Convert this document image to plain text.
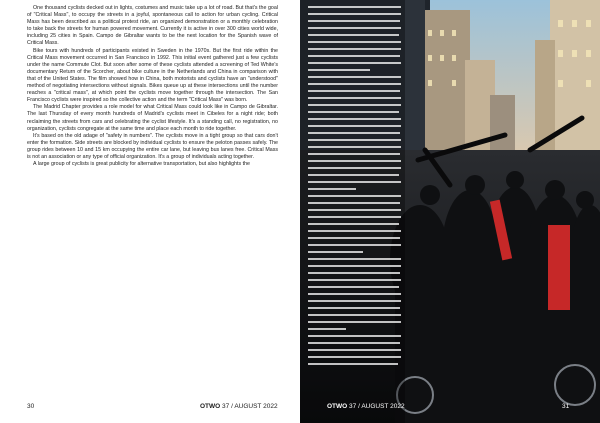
One thousand cyclists decked out in lights, costumes and music take up a lot of road. But that's the goal of "Critical Mass", to occupy the streets in a joyful, spontaneous call to action for urban cycling. Critical Mass has been described as a political protest ride, an organized demonstration or a monthly celebration to take back the streets for human powered movement. Currently it is active in over 300 cities world wide, including 25 cities in Spain. Campo de Gibraltar wants to be the next location for the Spanish wave of Critical Mass.

Bike tours with hundreds of participants existed in Sweden in the 1970s. But the first ride within the Critical Mass movement occurred in San Francisco in 1992. This initial event gathered just a few cyclists under the name Commute Clot. But soon after some of these cyclists attended a screening of Ted White's documentary Return of the Scorcher, about bike culture in the Netherlands and China in comparison with that of the United States. The film showed how in China, both motorists and cyclists have an "understood" method of negotiating intersections without signals. Bikes queue up at these intersections until the number reaches a "critical mass", at which point the cyclists move together through the intersection. The San Francisco cyclists were inspired so the collective action and the term "Critical Mass" was born.

The Madrid Chapter provides a role model for what Critical Mass could look like in Campo de Gibraltar. The last Thursday of every month hundreds of Madrid's cyclists meet in Cibeles for a night ride; both reclaiming the streets from cars and celebrating the cyclist lifestyle. It's a standing call, no registration, no organization, cyclists congregate at the same time and place each month to ride together.

It's based on the old adage of "safety in numbers". The cyclists move in a tight group so that cars don't enter the formation. Side streets are blocked by individual cyclists to ensure the peloton passes safely. The group rides between 10 and 15 km occupying the entire car lane, but leaving bus lanes free. Critical Mass is not an association or any type of official organization. It's a group of individuals acting together.

A large group of cyclists is great publicity for alternative transportation, but also highlights the

30	OTWO 37 / AUGUST 2022	OTWO 37 / AUGUST 2022	31
